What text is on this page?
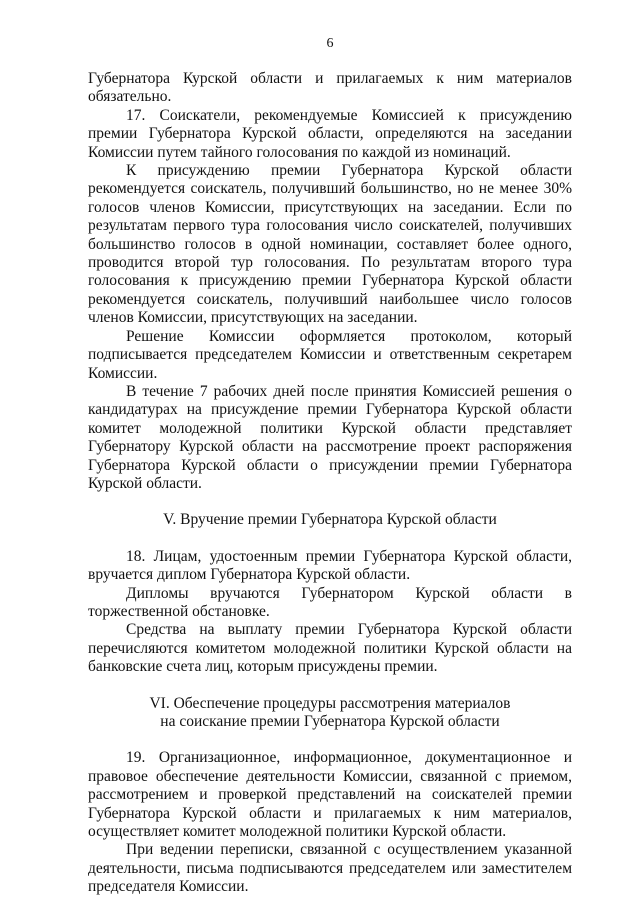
6

Губернатора Курской области и прилагаемых к ним материалов обязательно.

17. Соискатели, рекомендуемые Комиссией к присуждению премии Губернатора Курской области, определяются на заседании Комиссии путем тайного голосования по каждой из номинаций.

К присуждению премии Губернатора Курской области рекомендуется соискатель, получивший большинство, но не менее 30% голосов членов Комиссии, присутствующих на заседании. Если по результатам первого тура голосования число соискателей, получивших большинство голосов в одной номинации, составляет более одного, проводится второй тур голосования. По результатам второго тура голосования к присуждению премии Губернатора Курской области рекомендуется соискатель, получивший наибольшее число голосов членов Комиссии, присутствующих на заседании.

Решение Комиссии оформляется протоколом, который подписывается председателем Комиссии и ответственным секретарем Комиссии.

В течение 7 рабочих дней после принятия Комиссией решения о кандидатурах на присуждение премии Губернатора Курской области комитет молодежной политики Курской области представляет Губернатору Курской области на рассмотрение проект распоряжения Губернатора Курской области о присуждении премии Губернатора Курской области.

V. Вручение премии Губернатора Курской области

18. Лицам, удостоенным премии Губернатора Курской области, вручается диплом Губернатора Курской области.

Дипломы вручаются Губернатором Курской области в торжественной обстановке.

Средства на выплату премии Губернатора Курской области перечисляются комитетом молодежной политики Курской области на банковские счета лиц, которым присуждены премии.

VI. Обеспечение процедуры рассмотрения материалов
на соискание премии Губернатора Курской области

19. Организационное, информационное, документационное и правовое обеспечение деятельности Комиссии, связанной с приемом, рассмотрением и проверкой представлений на соискателей премии Губернатора Курской области и прилагаемых к ним материалов, осуществляет комитет молодежной политики Курской области.

При ведении переписки, связанной с осуществлением указанной деятельности, письма подписываются председателем или заместителем председателя Комиссии.
